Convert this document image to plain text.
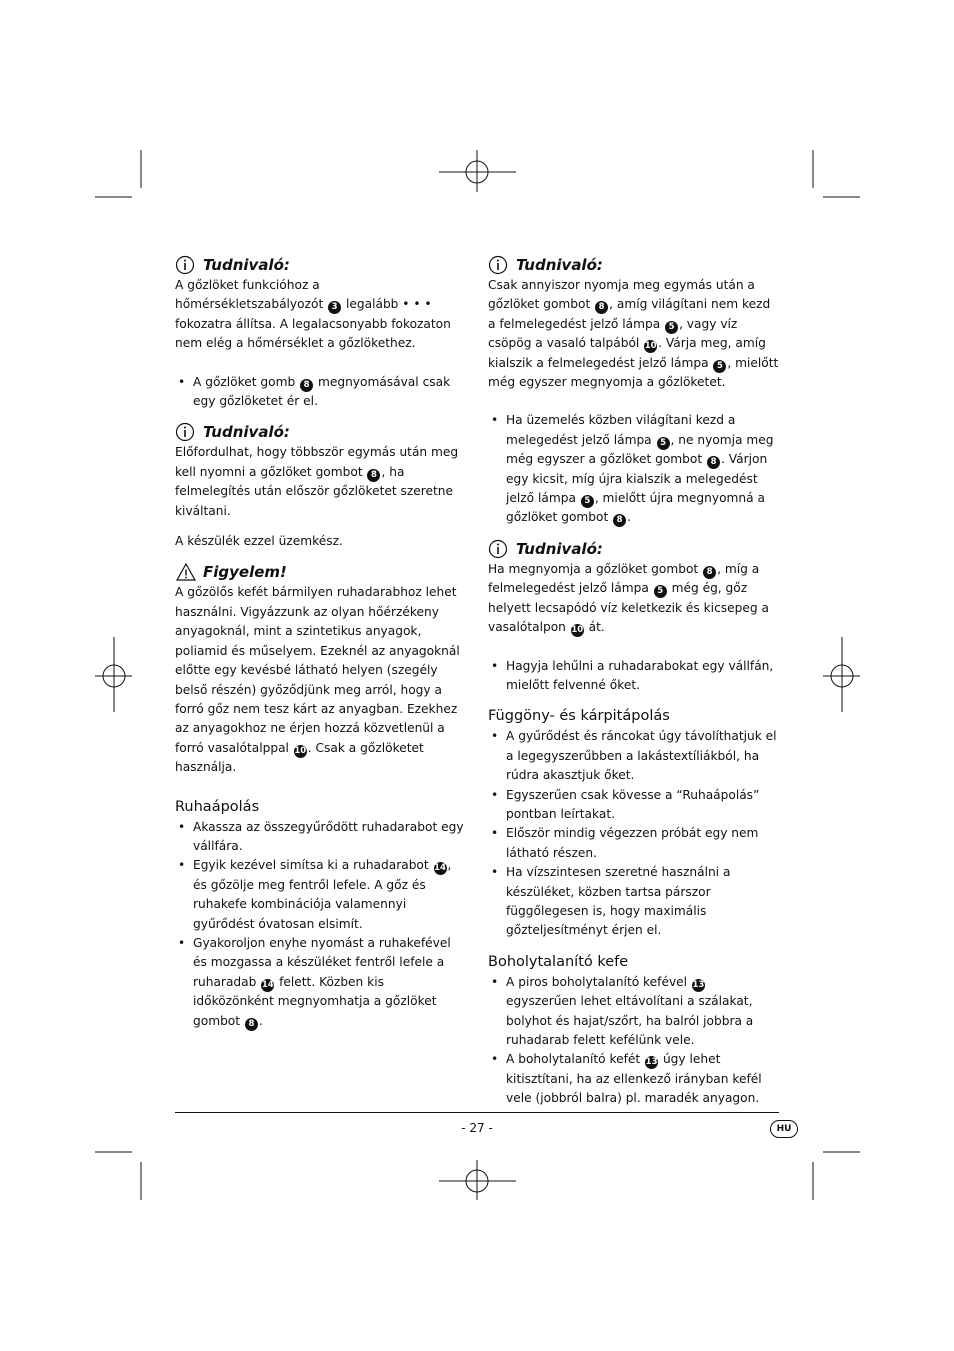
Tudnivaló:

A gőzlöket funkcióhoz a hőmérsékletszabályozót 3 legalább • • • fokozatra állítsa. A legalacsonyabb fokozaton nem elég a hőmérséklet a gőzlökethez.

• A gőzlöket gomb 8 megnyomásával csak egy gőzlöketet ér el.
Tudnivaló:

Előfordulhat, hogy többször egymás után meg kell nyomni a gőzlöket gombot 8 , ha felmelegítés után először gőzlöketet szeretne kiváltani.

A készülék ezzel üzemkész.

Figyelem!

A gőzölős kefét bármilyen ruhadarabhoz lehet használni. Vigyázzunk az olyan hőérzékeny anyagoknál, mint a szintetikus anyagok, poliamid és műselyem. Ezeknél az anyagoknál előtte egy kevésbé látható helyen (szegély belső részén) győződjünk meg arról, hogy a forró gőz nem tesz kárt az anyagban. Ezekhez az anyagokhoz ne érjen hozzá közvetlenül a forró vasalótalppal 10 . Csak a gőzlöketet használja.

Ruhaápolás
• Akassza az összegyűrődött ruhadarabot egy vállfára.
• Egyik kezével simítsa ki a ruhadarabot 14 , és gőzölje meg fentről lefele. A gőz és ruhakefe kombinációja valamennyi gyűrődést óvatosan elsimít.
• Gyakoroljon enyhe nyomást a ruhakefével és mozgassa a készüléket fentről lefele a ruharadab 14 felett. Közben kis időközönként megnyomhatja a gőzlöket gombot 8 .
Tudnivaló:

Csak annyiszor nyomja meg egymás után a gőzlöket gombot 8 , amíg világítani nem kezd a felmelegedést jelző lámpa 5 , vagy víz csöpög a vasaló talpából 10 . Várja meg, amíg kialszik a felmelegedést jelző lámpa 5 , mielőtt még egyszer megnyomja a gőzlöketet.

• Ha üzemelés közben világítani kezd a melegedést jelző lámpa 5 , ne nyomja meg még egyszer a gőzlöket gombot 8 . Várjon egy kicsit, míg újra kialszik a melegedést jelző lámpa 5 , mielőtt újra megnyomná a gőzlöket gombot 8 .
Tudnivaló:

Ha megnyomja a gőzlöket gombot 8 , míg a felmelegedést jelző lámpa 5 még ég, gőz helyett lecsapódó víz keletkezik és kicsepeg a vasalótalpon 10 át.

• Hagyja lehűlni a ruhadarabokat egy vállfán, mielőtt felvenné őket.
Függöny- és kárpitápolás
• A gyűrődést és ráncokat úgy távolíthatjuk el a legegyszerűbben a lakástextíliákból, ha rúdra akasztjuk őket.
• Egyszerűen csak kövesse a “Ruhaápolás” pontban leírtakat.
• Először mindig végezzen próbát egy nem látható részen.
• Ha vízszintesen szeretné használni a készüléket, közben tartsa párszor függőlegesen is, hogy maximális gőzteljesítményt érjen el.
Boholytalanító kefe
• A piros boholytalanító kefével 13 egyszerűen lehet eltávolítani a szálakat, bolyhot és hajat/szőrt, ha balról jobbra a ruhadarab felett kefélünk vele.
• A boholytalanító kefét 13 úgy lehet kitisztítani, ha az ellenkező irányban kefél vele (jobbról balra) pl. maradék anyagon.
- 27 -	HU
